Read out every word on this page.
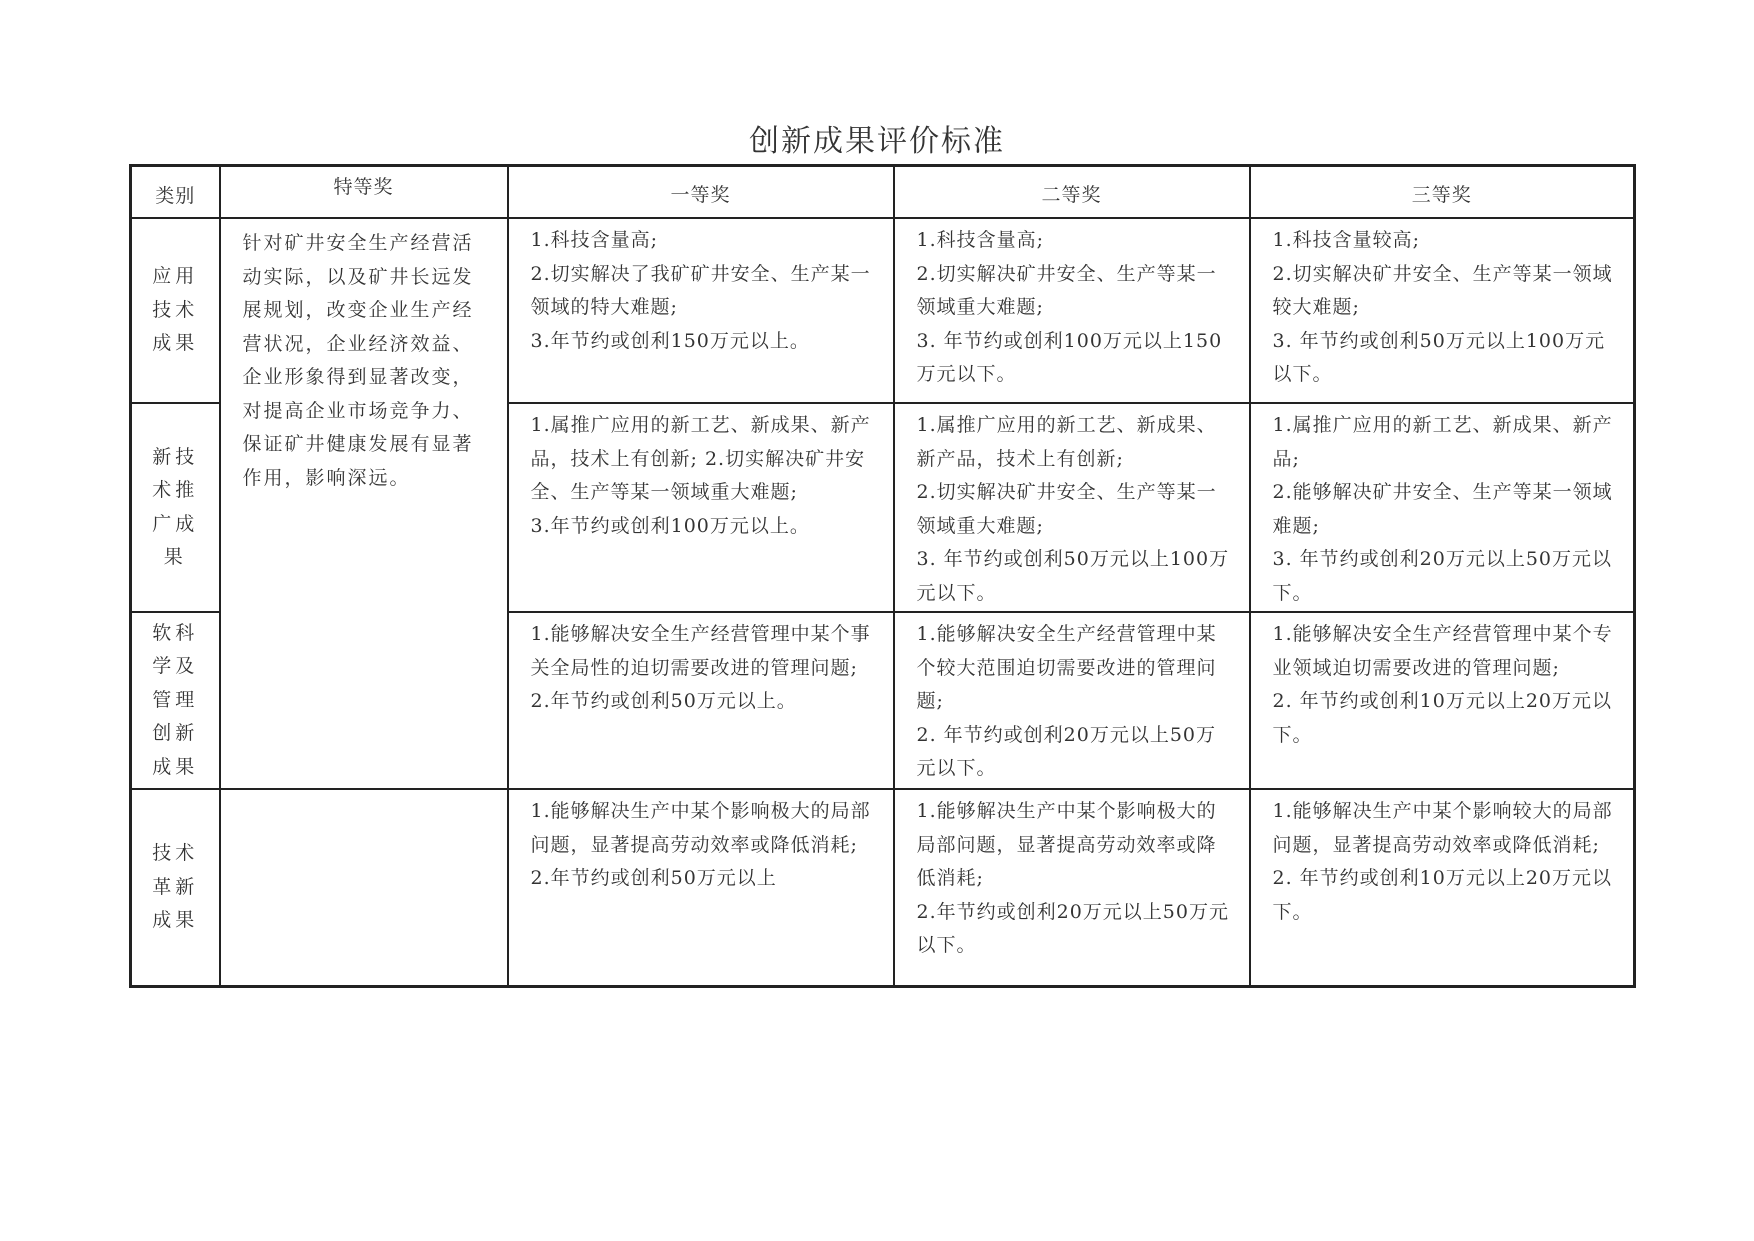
创新成果评价标准
类别	特等奖	一等奖	二等奖	三等奖

应用技术成果	针对矿井安全生产经营活动实际，以及矿井长远发展规划，改变企业生产经营状况，企业经济效益、企业形象得到显著改变，对提高企业市场竞争力、保证矿井健康发展有显著作用，影响深远。	1.科技含量高;
2.切实解决了我矿矿井安全、生产某一领域的特大难题;
3.年节约或创利150万元以上。	1.科技含量高;
2.切实解决矿井安全、生产等某一领域重大难题;
3. 年节约或创利100万元以上150万元以下。	1.科技含量较高;
2.切实解决矿井安全、生产等某一领域较大难题;
3. 年节约或创利50万元以上100万元以下。

新技术推广成果		1.属推广应用的新工艺、新成果、新产品，技术上有创新; 2.切实解决矿井安全、生产等某一领域重大难题;
3.年节约或创利100万元以上。	1.属推广应用的新工艺、新成果、新产品，技术上有创新;
2.切实解决矿井安全、生产等某一领域重大难题;
3. 年节约或创利50万元以上100万元以下。	1.属推广应用的新工艺、新成果、新产品;
2.能够解决矿井安全、生产等某一领域难题;
3. 年节约或创利20万元以上50万元以下。

软科学及管理创新成果		1.能够解决安全生产经营管理中某个事关全局性的迫切需要改进的管理问题;
2.年节约或创利50万元以上。	1.能够解决安全生产经营管理中某个较大范围迫切需要改进的管理问题;
2. 年节约或创利20万元以上50万元以下。	1.能够解决安全生产经营管理中某个专业领域迫切需要改进的管理问题;
2. 年节约或创利10万元以上20万元以下。

技术革新成果		1.能够解决生产中某个影响极大的局部问题，显著提高劳动效率或降低消耗;
2.年节约或创利50万元以上	1.能够解决生产中某个影响极大的局部问题，显著提高劳动效率或降低消耗;
2.年节约或创利20万元以上50万元以下。	1.能够解决生产中某个影响较大的局部问题，显著提高劳动效率或降低消耗;
2. 年节约或创利10万元以上20万元以下。
